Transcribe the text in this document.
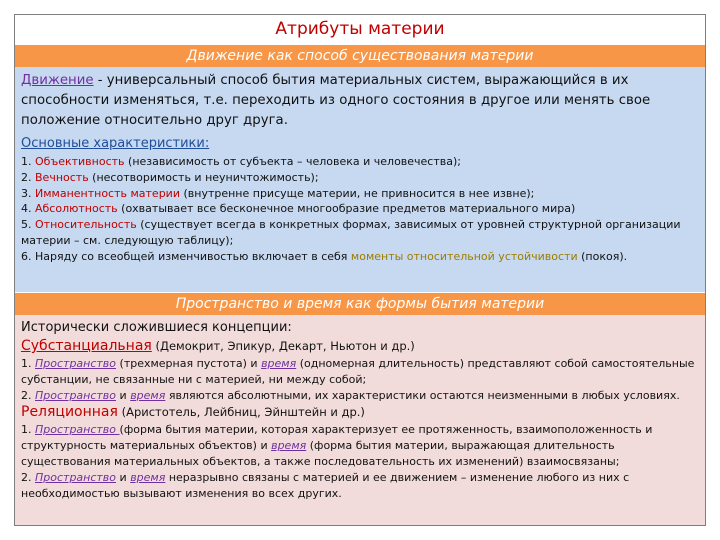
Атрибуты материи
Движение как способ существования материи
Движение - универсальный способ бытия материальных систем, выражающийся в их способности изменяться, т.е. переходить из одного состояния в другое или менять свое положение относительно друг друга.
Основные характеристики:
1. Объективность (независимость от субъекта – человека и человечества);
2. Вечность (несотворимость и неуничтожимость);
3. Имманентность материи (внутренне присуще материи, не привносится в нее извне);
4. Абсолютность (охватывает все бесконечное многообразие предметов материального мира)
5. Относительность (существует всегда в конкретных формах, зависимых от уровней структурной организации материи – см. следующую таблицу);
6. Наряду со всеобщей изменчивостью включает в себя моменты относительной устойчивости (покоя).
Пространство и время как формы бытия материи
Исторически сложившиеся концепции:
Субстанциальная (Демокрит, Эпикур, Декарт, Ньютон и др.)
1. Пространство (трехмерная пустота) и время (одномерная длительность) представляют собой самостоятельные субстанции, не связанные ни с материей, ни между собой;
2. Пространство и время являются абсолютными, их характеристики остаются неизменными в любых условиях.
Реляционная (Аристотель, Лейбниц, Эйнштейн и др.)
1. Пространство (форма бытия материи, которая характеризует ее протяженность, взаимоположенность и структурность материальных объектов) и время (форма бытия материи, выражающая длительность существования материальных объектов, а также последовательность их изменений) взаимосвязаны;
2. Пространство и время неразрывно связаны с материей и ее движением – изменение любого из них с необходимостью вызывают изменения во всех других.
